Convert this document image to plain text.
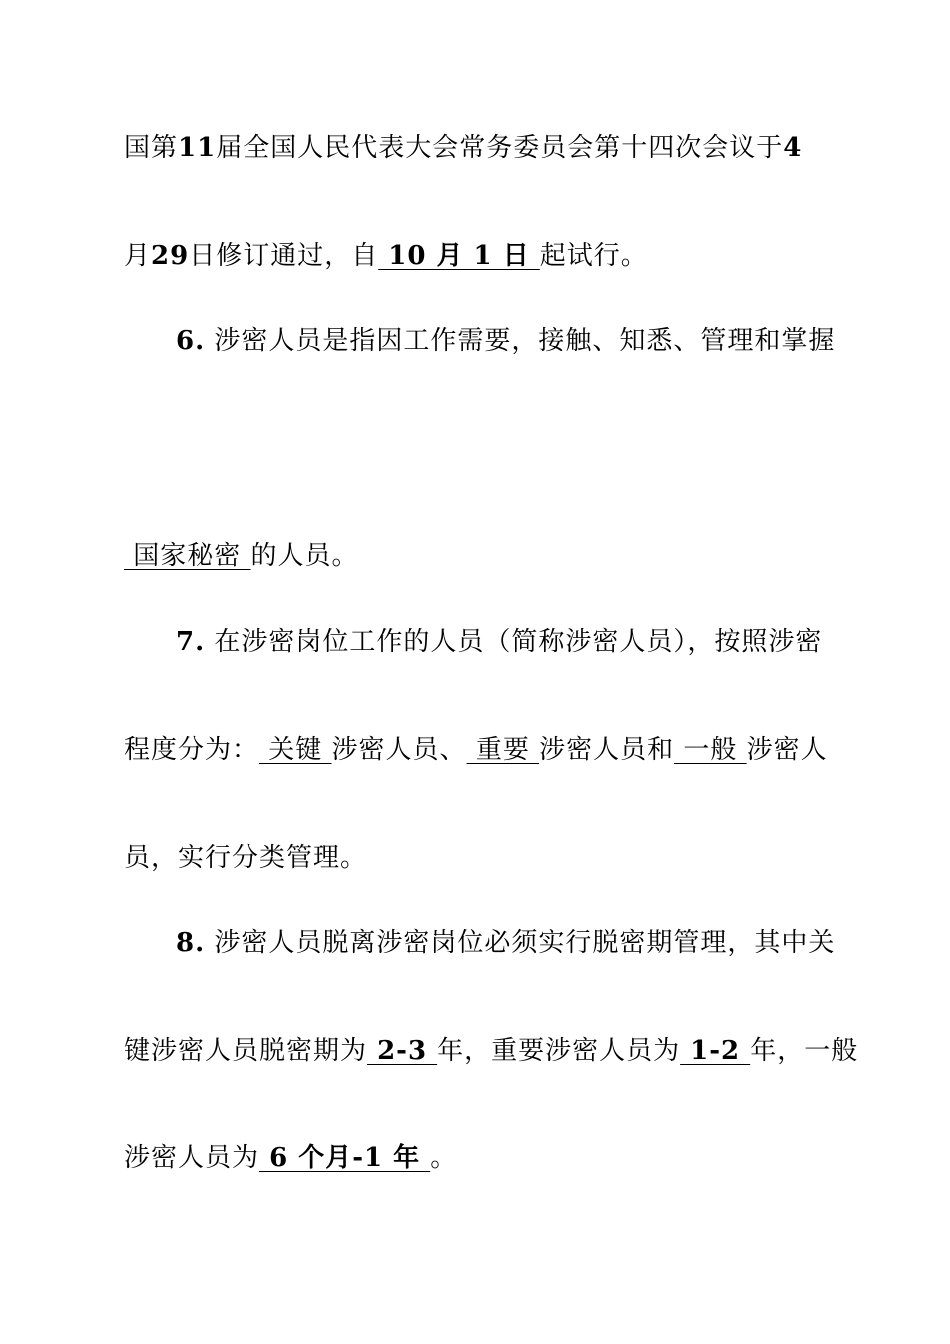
国第11届全国人民代表大会常务委员会第十四次会议于4
月29日修订通过，自 10 月 1 日 起试行。
6. 涉密人员是指因工作需要，接触、知悉、管理和掌握
国家秘密 的人员。
7. 在涉密岗位工作的人员（简称涉密人员），按照涉密
程度分为： 关键 涉密人员、 重要 涉密人员和 一般 涉密人
员，实行分类管理。
8. 涉密人员脱离涉密岗位必须实行脱密期管理，其中关
键涉密人员脱密期为 2-3 年，重要涉密人员为 1-2 年，一般
涉密人员为 6 个月-1 年 。
